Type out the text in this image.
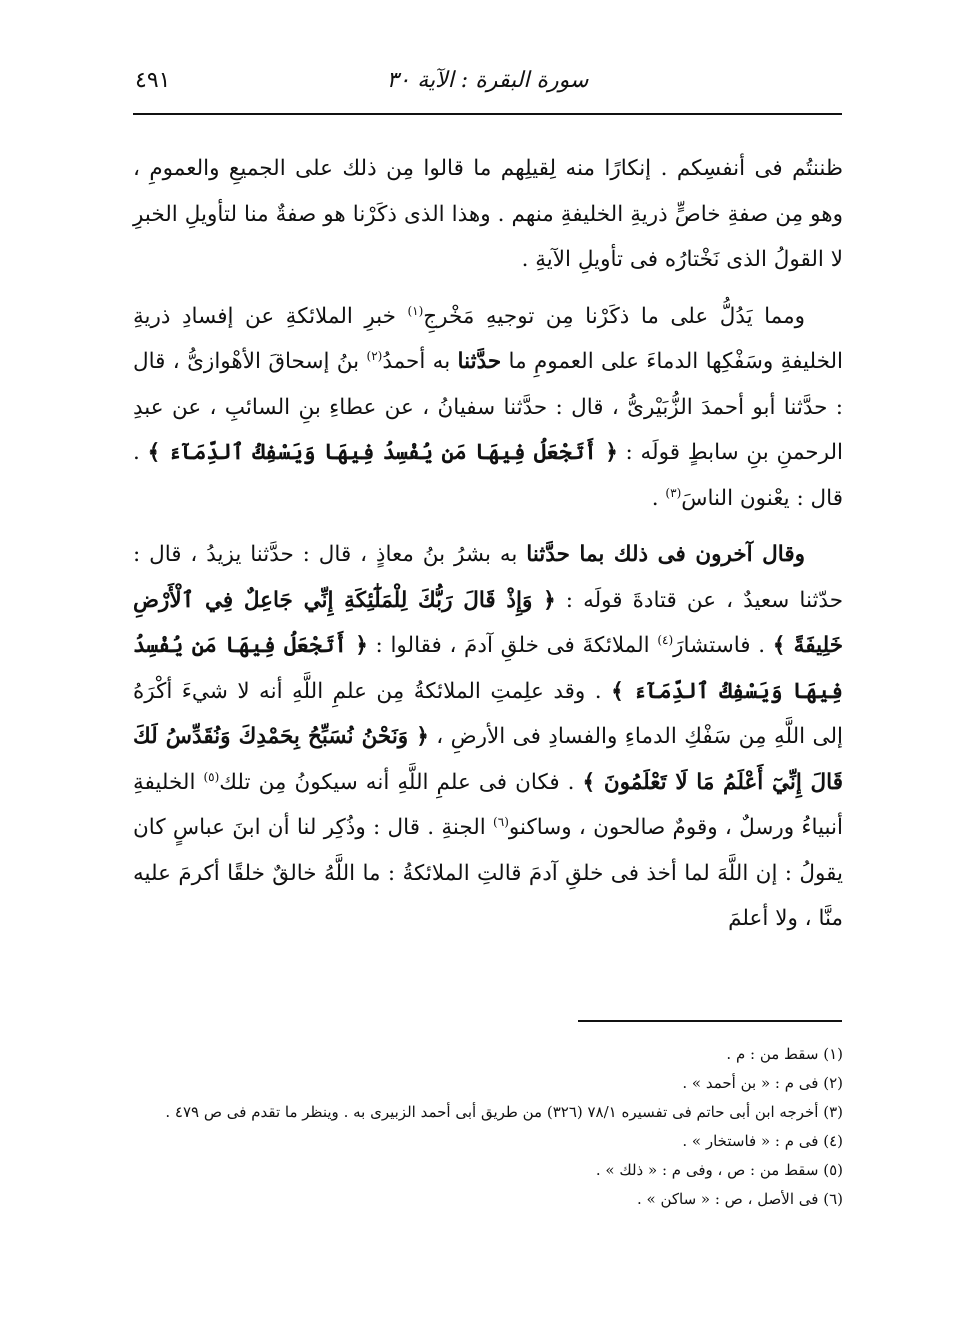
سورة البقرة : الآية ٣٠
٤٩١

ظننتُم فى أنفسِكم . إنكارًا منه لِقيلِهم ما قالوا مِن ذلك على الجميعِ والعمومِ ، وهو مِن صفةِ خاصٍّ ذريةِ الخليفةِ منهم . وهذا الذى ذكَرْنا هو صفةٌ منا لتأويلِ الخبرِ لا القولُ الذى نَخْتارُه فى تأويلِ الآيةِ .

ومما يَدُلُّ على ما ذكَرْنا مِن توجيهِ مَخْرجِ$^{(١)}$ خبرِ الملائكةِ عن إفسادِ ذريةِ الخليفةِ وسَفْكِها الدماءَ على العمومِ ما حدَّثنا به أحمدُ$^{(٢)}$ بنُ إسحاقَ الأهْوازىُّ ، قال : حدَّثنا أبو أحمدَ الزُّبَيْرىُّ ، قال : حدَّثنا سفيانُ ، عن عطاءِ بنِ السائبِ ، عن عبدِ الرحمنِ بنِ سابطٍ قولَه : ﴿ أَتَجْعَلُ فِيهَا مَن يُفْسِدُ فِيهَا وَيَسْفِكُ ٱلدِّمَآءَ ﴾ . قال : يعْنون الناسَ$^{(٣)}$ .

وقال آخرون فى ذلك بما حدَّثنا به بشرُ بنُ معاذٍ ، قال : حدَّثنا يزيدُ ، قال : حدّثنا سعيدٌ ، عن قتادةَ قولَه : ﴿ وَإِذْ قَالَ رَبُّكَ لِلْمَلَٰٓئِكَةِ إِنِّي جَاعِلٌ فِي ٱلْأَرْضِ خَلِيفَةً ﴾ . فاستشارَ$^{(٤)}$ الملائكةَ فى خلقِ آدمَ ، فقالوا : ﴿ أَتَجْعَلُ فِيهَا مَن يُفْسِدُ فِيهَا وَيَسْفِكُ ٱلدِّمَآءَ ﴾ . وقد علِمتِ الملائكةُ مِن علمِ اللَّهِ أنه لا شيءَ أكْرَهُ إلى اللَّهِ مِن سَفْكِ الدماءِ والفسادِ فى الأرضِ ، ﴿ وَنَحْنُ نُسَبِّحُ بِحَمْدِكَ وَنُقَدِّسُ لَكَ قَالَ إِنِّيٓ أَعْلَمُ مَا لَا تَعْلَمُونَ ﴾ . فكان فى علمِ اللَّهِ أنه سيكونُ مِن تلك$^{(٥)}$ الخليفةِ أنبياءُ ورسلٌ ، وقومٌ صالحون ، وساكنو$^{(٦)}$ الجنةِ . قال : وذُكِر لنا أن ابنَ عباسٍ كان يقولُ : إن اللَّهَ لما أخذ فى خلقِ آدمَ قالتِ الملائكةُ : ما اللَّهُ خالقٌ خلقًا أكرمَ عليه منَّا ، ولا أعلمَ

(١) سقط من : م .

(٢) فى م : « بن أحمد » .

(٣) أخرجه ابن أبى حاتم فى تفسيره ٧٨/١ (٣٢٦) من طريق أبى أحمد الزبيرى به . وينظر ما تقدم فى ص ٤٧٩ .

(٤) فى م : « فاستخار » .

(٥) سقط من : ص ، وفى م : « ذلك » .

(٦) فى الأصل ، ص : « ساكن » .
